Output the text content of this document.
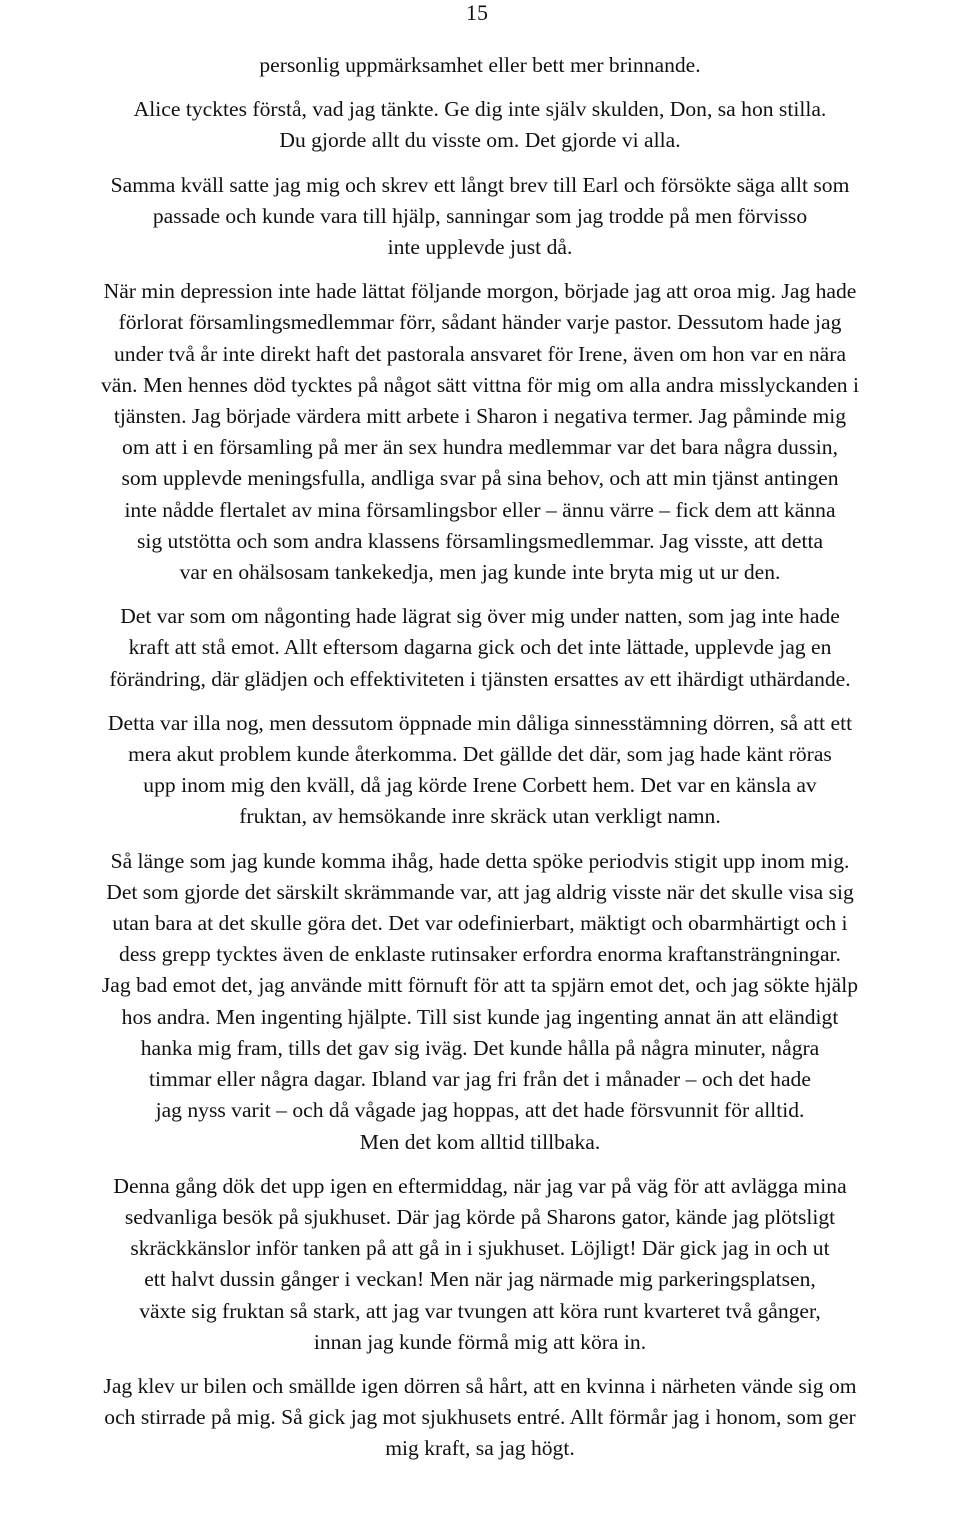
15

personlig uppmärksamhet eller bett mer brinnande.

Alice tycktes förstå, vad jag tänkte. Ge dig inte själv skulden, Don, sa hon stilla.
Du gjorde allt du visste om. Det gjorde vi alla.

Samma kväll satte jag mig och skrev ett långt brev till Earl och försökte säga allt som
passade och kunde vara till hjälp, sanningar som jag trodde på men förvisso
inte upplevde just då.

När min depression inte hade lättat följande morgon, började jag att oroa mig. Jag hade
förlorat församlingsmedlemmar förr, sådant händer varje pastor. Dessutom hade jag
under två år inte direkt haft det pastorala ansvaret för Irene, även om hon var en nära
vän. Men hennes död tycktes på något sätt vittna för mig om alla andra misslyckanden i
tjänsten. Jag började värdera mitt arbete i Sharon i negativa termer. Jag påminde mig
om att i en församling på mer än sex hundra medlemmar var det bara några dussin,
som upplevde meningsfulla, andliga svar på sina behov, och att min tjänst antingen
inte nådde flertalet av mina församlingsbor eller – ännu värre – fick dem att känna
sig utstötta och som andra klassens församlingsmedlemmar. Jag visste, att detta
var en ohälsosam tankekedja, men jag kunde inte bryta mig ut ur den.

Det var som om någonting hade lägrat sig över mig under natten, som jag inte hade
kraft att stå emot. Allt eftersom dagarna gick och det inte lättade, upplevde jag en
förändring, där glädjen och effektiviteten i tjänsten ersattes av ett ihärdigt uthärdande.

Detta var illa nog, men dessutom öppnade min dåliga sinnesstämning dörren, så att ett
mera akut problem kunde återkomma. Det gällde det där, som jag hade känt röras
upp inom mig den kväll, då jag körde Irene Corbett hem. Det var en känsla av
fruktan, av hemsökande inre skräck utan verkligt namn.

Så länge som jag kunde komma ihåg, hade detta spöke periodvis stigit upp inom mig.
Det som gjorde det särskilt skrämmande var, att jag aldrig visste när det skulle visa sig
utan bara at det skulle göra det. Det var odefinierbart, mäktigt och obarmhärtigt och i
dess grepp tycktes även de enklaste rutinsaker erfordra enorma kraftansträngningar.
Jag bad emot det, jag använde mitt förnuft för att ta spjärn emot det, och jag sökte hjälp
hos andra. Men ingenting hjälpte. Till sist kunde jag ingenting annat än att eländigt
hanka mig fram, tills det gav sig iväg. Det kunde hålla på några minuter, några
timmar eller några dagar. Ibland var jag fri från det i månader – och det hade
jag nyss varit – och då vågade jag hoppas, att det hade försvunnit för alltid.
Men det kom alltid tillbaka.

Denna gång dök det upp igen en eftermiddag, när jag var på väg för att avlägga mina
sedvanliga besök på sjukhuset. Där jag körde på Sharons gator, kände jag plötsligt
skräckkänslor inför tanken på att gå in i sjukhuset. Löjligt! Där gick jag in och ut
ett halvt dussin gånger i veckan! Men när jag närmade mig parkeringsplatsen,
växte sig fruktan så stark, att jag var tvungen att köra runt kvarteret två gånger,
innan jag kunde förmå mig att köra in.

Jag klev ur bilen och smällde igen dörren så hårt, att en kvinna i närheten vände sig om
och stirrade på mig. Så gick jag mot sjukhusets entré. Allt förmår jag i honom, som ger
mig kraft, sa jag högt.
